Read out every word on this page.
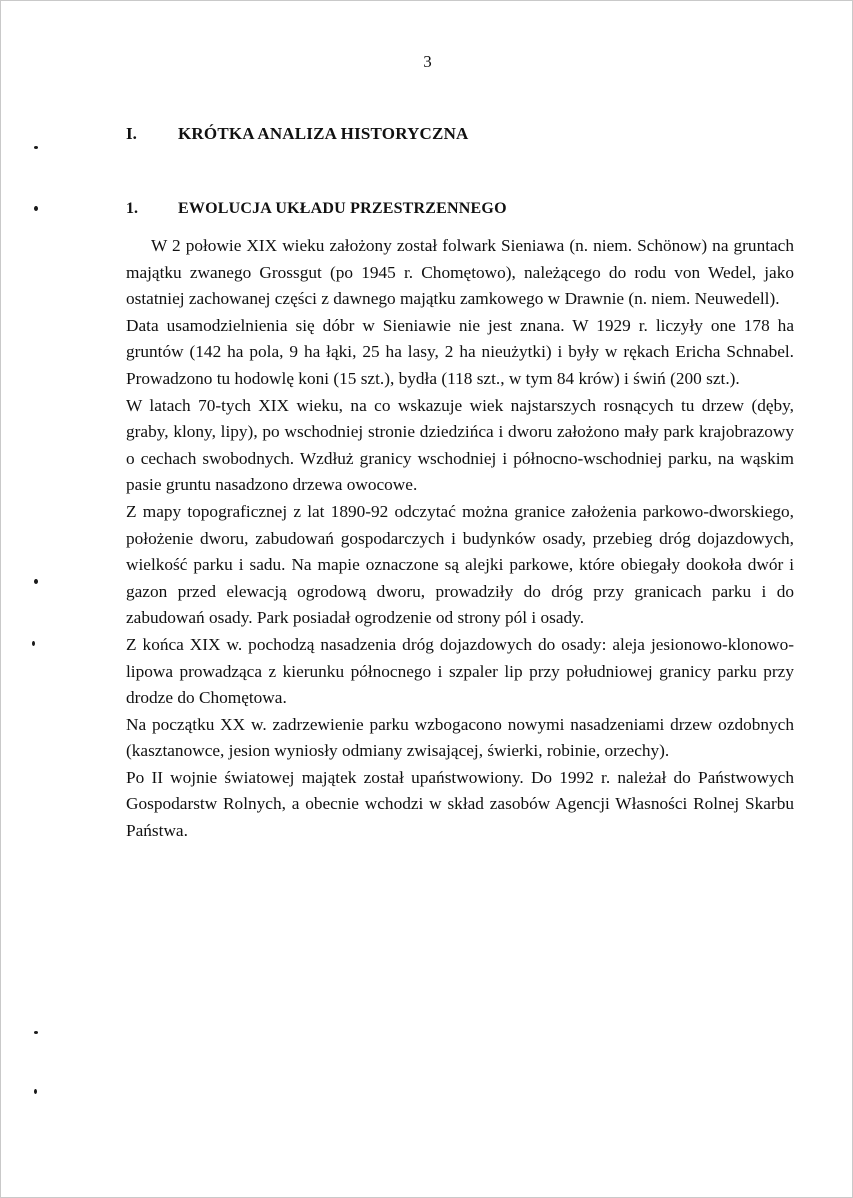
3
I. KRÓTKA ANALIZA HISTORYCZNA
1.	EWOLUCJA UKŁADU PRZESTRZENNEGO

W 2 połowie XIX wieku założony został folwark Sieniawa (n. niem. Schönow) na gruntach majątku zwanego Grossgut (po 1945 r. Chomętowo), należącego do rodu von Wedel, jako ostatniej zachowanej części z dawnego majątku zamkowego w Drawnie (n. niem. Neuwedell).

Data usamodzielnienia się dóbr w Sieniawie nie jest znana. W 1929 r. liczyły one 178 ha gruntów (142 ha pola, 9 ha łąki, 25 ha lasy, 2 ha nieużytki) i były w rękach Ericha Schnabel. Prowadzono tu hodowlę koni (15 szt.), bydła (118 szt., w tym 84 krów) i świń (200 szt.).

W latach 70-tych XIX wieku, na co wskazuje wiek najstarszych rosnących tu drzew (dęby, graby, klony, lipy), po wschodniej stronie dziedzińca i dworu założono mały park krajobrazowy o cechach swobodnych. Wzdłuż granicy wschodniej i północno-wschodniej parku, na wąskim pasie gruntu nasadzono drzewa owocowe.

Z mapy topograficznej z lat 1890-92 odczytać można granice założenia parkowo-dworskiego, położenie dworu, zabudowań gospodarczych i budynków osady, przebieg dróg dojazdowych, wielkość parku i sadu. Na mapie oznaczone są alejki parkowe, które obiegały dookoła dwór i gazon przed elewacją ogrodową dworu, prowadziły do dróg przy granicach parku i do zabudowań osady. Park posiadał ogrodzenie od strony pól i osady.

Z końca XIX w. pochodzą nasadzenia dróg dojazdowych do osady: aleja jesionowo-klonowo-lipowa prowadząca z kierunku północnego i szpaler lip przy południowej granicy parku przy drodze do Chomętowa.

Na początku XX w. zadrzewienie parku wzbogacono nowymi nasadzeniami drzew ozdobnych (kasztanowce, jesion wyniosły odmiany zwisającej, świerki, robinie, orzechy).

Po II wojnie światowej majątek został upaństwowiony. Do 1992 r. należał do Państwowych Gospodarstw Rolnych, a obecnie wchodzi w skład zasobów Agencji Własności Rolnej Skarbu Państwa.
